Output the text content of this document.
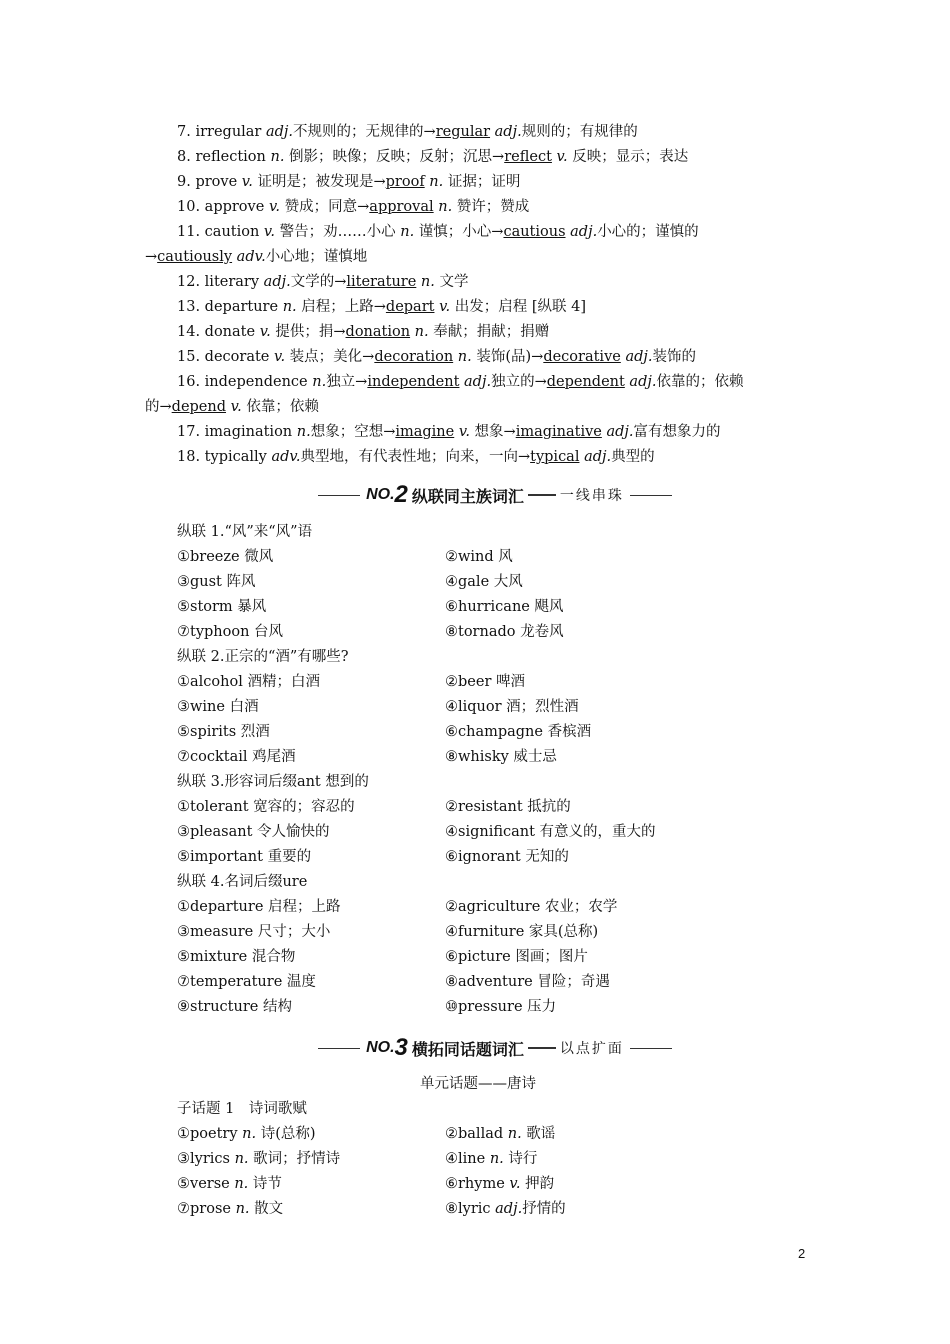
7. irregular adj.不规则的；无规律的→regular adj.规则的；有规律的
8. reflection n. 倒影；映像；反映；反射；沉思→reflect v. 反映；显示；表达
9. prove v. 证明是；被发现是→proof n. 证据；证明
10. approve v. 赞成；同意→approval n. 赞许；赞成
11. caution v. 警告；劝……小心 n. 谨慎；小心→cautious adj.小心的；谨慎的
→cautiously adv.小心地；谨慎地
12. literary adj.文学的→literature n. 文学
13. departure n. 启程；上路→depart v. 出发；启程 [纵联 4]
14. donate v. 提供；捐→donation n. 奉献；捐献；捐赠
15. decorate v. 装点；美化→decoration n. 装饰(品)→decorative adj.装饰的
16. independence n.独立→independent adj.独立的→dependent adj.依靠的；依赖
的→depend v. 依靠；依赖
17. imagination n.想象；空想→imagine v. 想象→imaginative adj.富有想象力的
18. typically adv.典型地，有代表性地；向来，一向→typical adj.典型的
NO. 2 纵联同主族词汇	一线串珠
纵联 1.“风”来“风”语
①breeze 微风	②wind 风
③gust 阵风	④gale 大风
⑤storm 暴风	⑥hurricane 飓风
⑦typhoon 台风	⑧tornado 龙卷风
纵联 2.正宗的“酒”有哪些?
①alcohol 酒精；白酒	②beer 啤酒
③wine 白酒	④liquor 酒；烈性酒
⑤spirits 烈酒	⑥champagne 香槟酒
⑦cocktail 鸡尾酒	⑧whisky 威士忌
纵联 3.形容词后缀ant 想到的
①tolerant 宽容的；容忍的	②resistant 抵抗的
③pleasant 令人愉快的	④significant 有意义的，重大的
⑤important 重要的	⑥ignorant 无知的
纵联 4.名词后缀ure
①departure 启程；上路	②agriculture 农业；农学
③measure 尺寸；大小	④furniture 家具(总称)
⑤mixture 混合物	⑥picture 图画；图片
⑦temperature 温度	⑧adventure 冒险；奇遇
⑨structure 结构	⑩pressure 压力
NO. 3 横拓同话题词汇	以点扩面
单元话题——唐诗
子话题 1　诗词歌赋
①poetry n. 诗(总称)	②ballad n. 歌谣
③lyrics n. 歌词；抒情诗	④line n. 诗行
⑤verse n. 诗节	⑥rhyme v. 押韵
⑦prose n. 散文	⑧lyric adj.抒情的
2
